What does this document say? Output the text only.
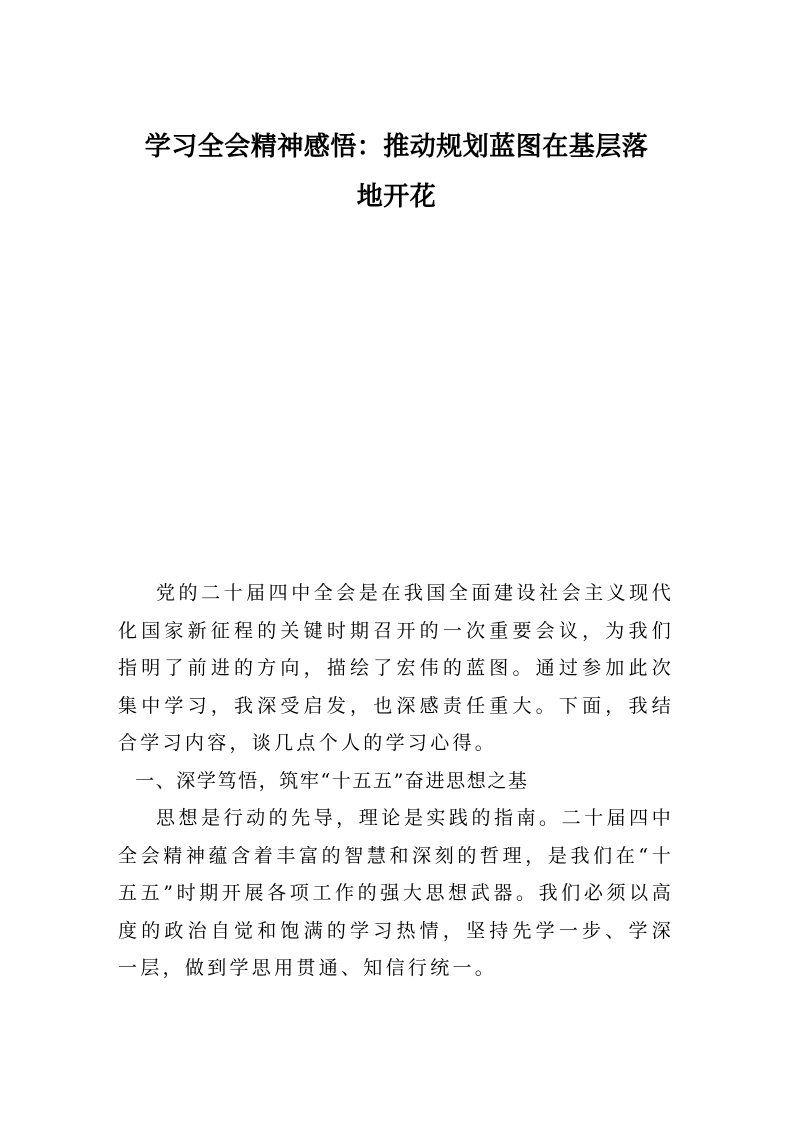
学习全会精神感悟：推动规划蓝图在基层落
地开花

党的二十届四中全会是在我国全面建设社会主义现代化国家新征程的关键时期召开的一次重要会议，为我们指明了前进的方向，描绘了宏伟的蓝图。通过参加此次集中学习，我深受启发，也深感责任重大。下面，我结合学习内容，谈几点个人的学习心得。

一、深学笃悟，筑牢“十五五”奋进思想之基

思想是行动的先导，理论是实践的指南。二十届四中全会精神蕴含着丰富的智慧和深刻的哲理，是我们在“十五五”时期开展各项工作的强大思想武器。我们必须以高度的政治自觉和饱满的学习热情，坚持先学一步、学深一层，做到学思用贯通、知信行统一。
